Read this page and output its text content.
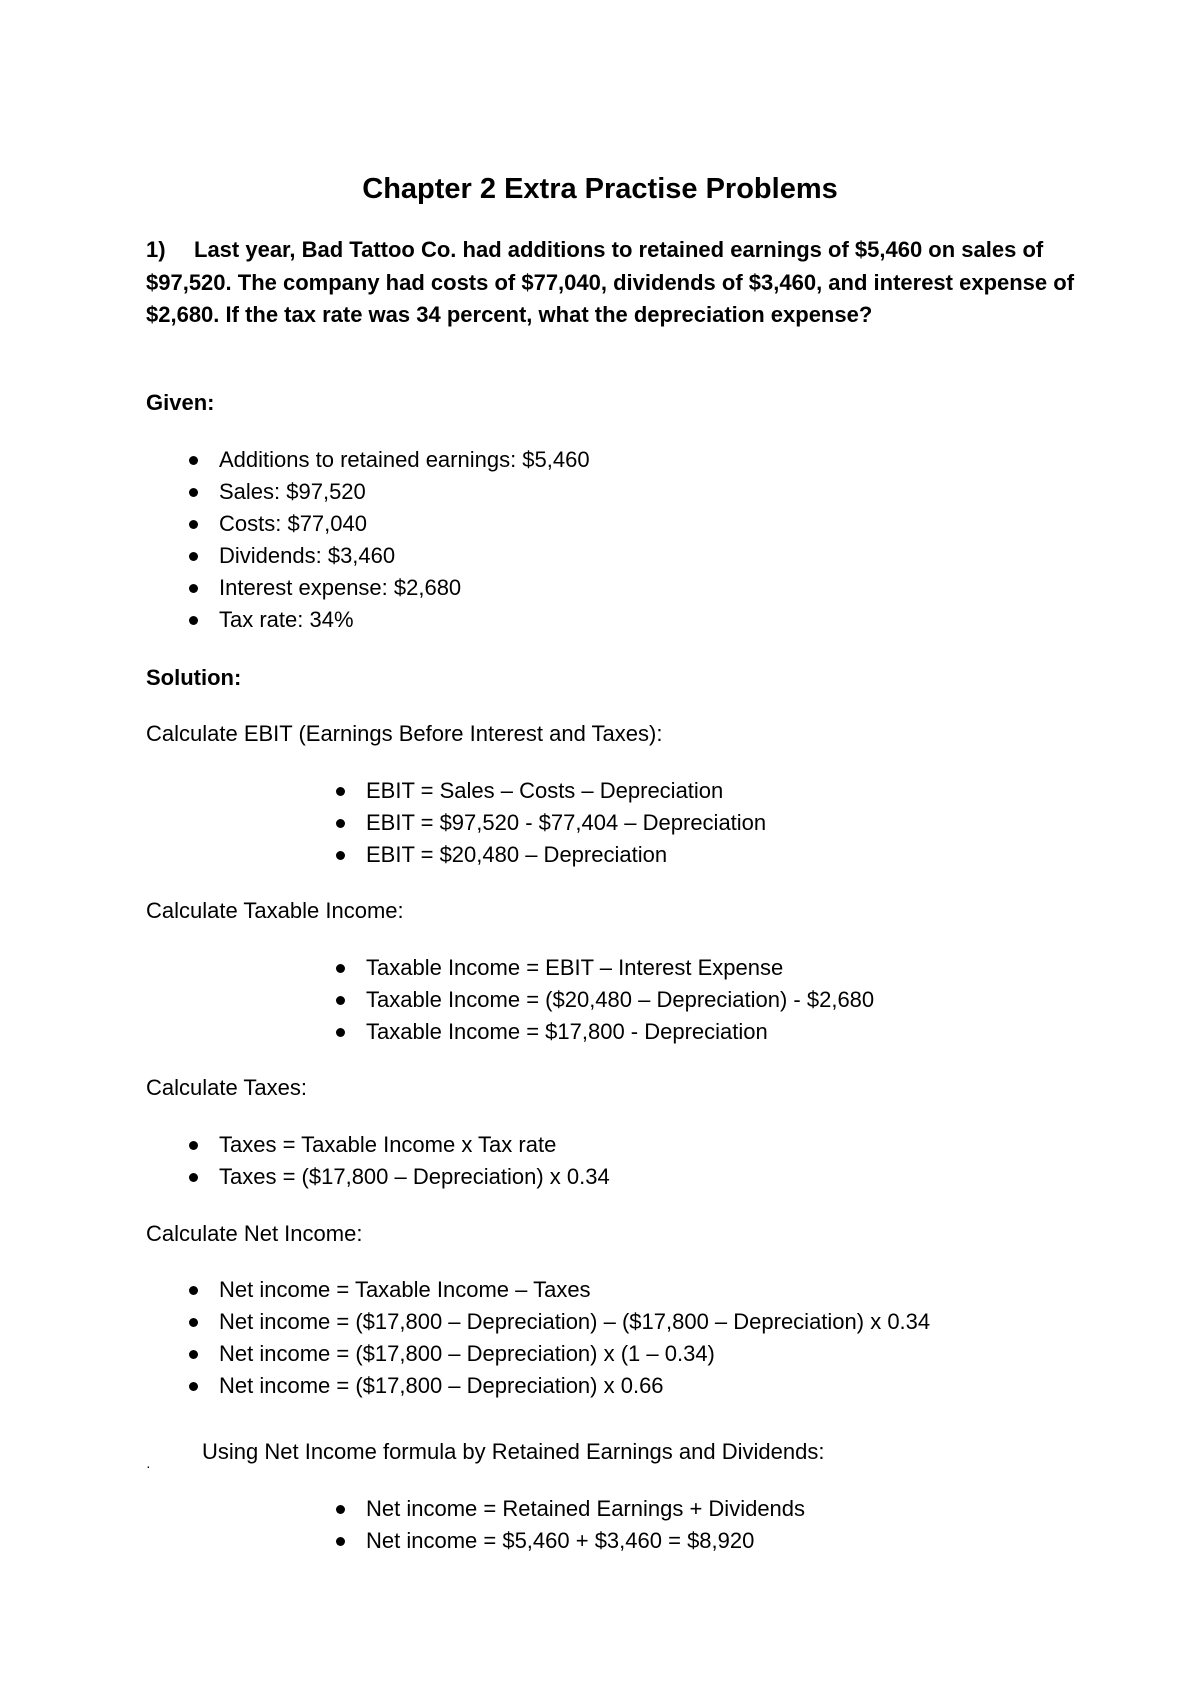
Chapter 2 Extra Practise Problems
1) Last year, Bad Tattoo Co. had additions to retained earnings of $5,460 on sales of $97,520. The company had costs of $77,040, dividends of $3,460, and interest expense of $2,680. If the tax rate was 34 percent, what the depreciation expense?
Given:
Additions to retained earnings: $5,460
Sales: $97,520
Costs: $77,040
Dividends: $3,460
Interest expense: $2,680
Tax rate: 34%
Solution:
Calculate EBIT (Earnings Before Interest and Taxes):
EBIT = Sales – Costs – Depreciation
EBIT = $97,520 - $77,404 – Depreciation
EBIT = $20,480 – Depreciation
Calculate Taxable Income:
Taxable Income = EBIT – Interest Expense
Taxable Income = ($20,480 – Depreciation) - $2,680
Taxable Income = $17,800 - Depreciation
Calculate Taxes:
Taxes = Taxable Income x Tax rate
Taxes = ($17,800 – Depreciation) x 0.34
Calculate Net Income:
Net income = Taxable Income – Taxes
Net income = ($17,800 – Depreciation) – ($17,800 – Depreciation) x 0.34
Net income = ($17,800 – Depreciation) x (1 – 0.34)
Net income = ($17,800 – Depreciation) x 0.66
·
Using Net Income formula by Retained Earnings and Dividends:
Net income = Retained Earnings + Dividends
Net income = $5,460 + $3,460 = $8,920
